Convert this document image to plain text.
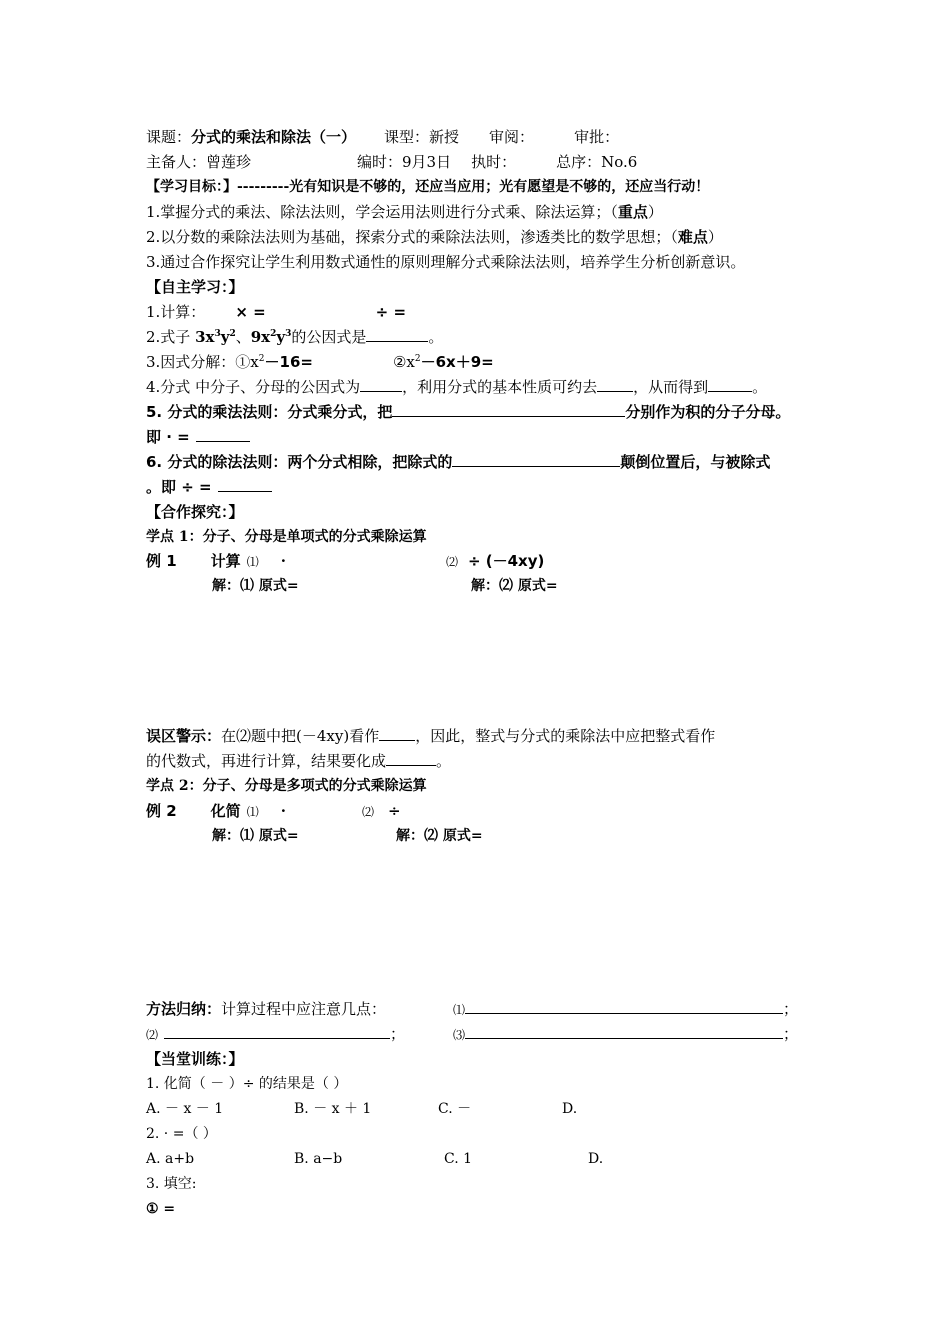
课题：分式的乘法和除法（一） 课型：新授 审阅：	审批：
主备人：曾莲珍	编时：9月3日 执时：	总序：No.6
【学习目标：】---------光有知识是不够的，还应当应用；光有愿望是不够的，还应当行动！
1.掌握分式的乘法、除法法则，学会运用法则进行分式乘、除法运算；（重点）
2.以分数的乘除法法则为基础，探索分式的乘除法法则，渗透类比的数学思想；（难点）
3.通过合作探究让学生利用数式通性的原则理解分式乘除法法则，培养学生分析创新意识。
【自主学习：】
1.计算： × =	÷ =
2.式子 $3x^3y^2$、$9x^2y^3$的公因式是	。
3.因式分解：$①x^2-16=$	$②x^2-6x+9=$
4.分式 中分子、分母的公因式为	，利用分式的基本性质可约去 ，从而得到	。
5. 分式的乘法法则：分式乘分式，把	分别作为积的分子分母。
即 · =
6. 分式的除法法则：两个分式相除，把除式的	颠倒位置后，与被除式
。即 ÷ =
【合作探究：】
学点 1：分子、分母是单项式的分式乘除运算
例 1 计算 ⑴ ·	⑵ ÷ (－4xy)
解：⑴ 原式=	解：⑵ 原式=
误区警示：在⑵题中把(－4xy)看作 ，因此，整式与分式的乘除法中应把整式看作
的代数式，再进行计算，结果要化成	。
学点 2：分子、分母是多项式的分式乘除运算
例 2 化简 ⑴ ·	⑵ ÷
解：⑴ 原式=	解：⑵ 原式=
方法归纳：计算过程中应注意几点：	⑴	；
⑵	；	⑶	；
【当堂训练：】
1. 化简（ － ）÷ 的结果是（ ）
A. － x － 1	B. － x ＋ 1	C. －	D.
2. · =（ ）
A. a+b	B. a−b	C. 1	D.
3. 填空:
① =
